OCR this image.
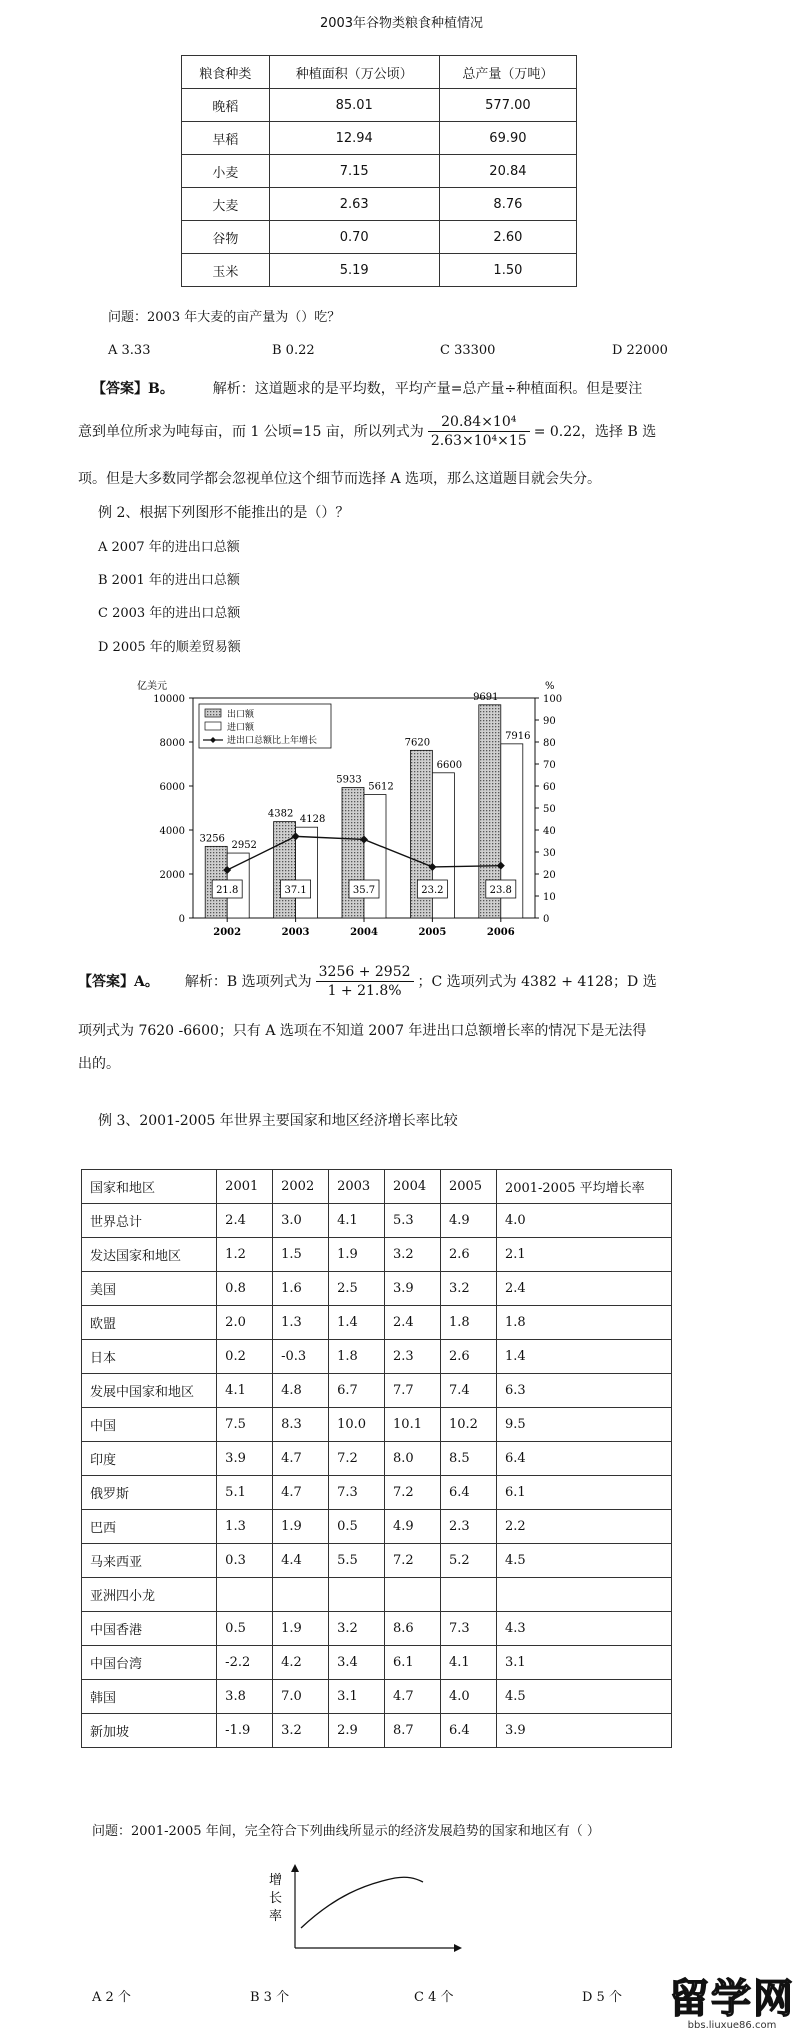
2003年谷物类粮食种植情况
粮食种类	种植面积（万公顷）	总产量（万吨）
晚稻	85.01	577.00
早稻	12.94	69.90
小麦	7.15	20.84
大麦	2.63	8.76
谷物	0.70	2.60
玉米	5.19	1.50
问题：2003 年大麦的亩产量为（）吃？
A 3.33	B 0.22	C 33300	D 22000
【答案】B。	解析：这道题求的是平均数，平均产量=总产量÷种植面积。但是要注
意到单位所求为吨每亩，而 1 公顷=15 亩，所以列式为 $\frac{\text{20.84×10⁴}}{\text{2.63×10⁴×15}} = 0.22$，选择 B 选
项。但是大多数同学都会忽视单位这个细节而选择 A 选项，那么这道题目就会失分。
例 2、根据下列图形不能推出的是（）？
A 2007 年的进出口总额
B 2001 年的进出口总额
C 2003 年的进出口总额
D 2005 年的顺差贸易额
亿美元	%
0
2000
4000
6000
8000
10000
0
10
20
30
40
50
60
70
80
90
100
3256
2952
2002
4382
4128
2003
5933
5612
2004
7620
6600
2005
9691
7916
2006
21.8	37.1	35.7	23.2	23.8
出口额
进口额
进出口总额比上年增长
【答案】A。 解析：B 选项列式为 $\frac{3256 + 2952}{1 + 21.8\%}$ ；C 选项列式为 4382 + 4128；D 选
项列式为 7620 -6600；只有 A 选项在不知道 2007 年进出口总额增长率的情况下是无法得
出的。
例 3、2001-2005 年世界主要国家和地区经济增长率比较
国家和地区	2001	2002	2003	2004	2005	2001-2005 平均增长率
世界总计	2.4	3.0	4.1	5.3	4.9	4.0
发达国家和地区	1.2	1.5	1.9	3.2	2.6	2.1
美国	0.8	1.6	2.5	3.9	3.2	2.4
欧盟	2.0	1.3	1.4	2.4	1.8	1.8
日本	0.2	-0.3	1.8	2.3	2.6	1.4
发展中国家和地区	4.1	4.8	6.7	7.7	7.4	6.3
中国	7.5	8.3	10.0	10.1	10.2	9.5
印度	3.9	4.7	7.2	8.0	8.5	6.4
俄罗斯	5.1	4.7	7.3	7.2	6.4	6.1
巴西	1.3	1.9	0.5	4.9	2.3	2.2
马来西亚	0.3	4.4	5.5	7.2	5.2	4.5
亚洲四小龙						
中国香港	0.5	1.9	3.2	8.6	7.3	4.3
中国台湾	-2.2	4.2	3.4	6.1	4.1	3.1
韩国	3.8	7.0	3.1	4.7	4.0	4.5
新加坡	-1.9	3.2	2.9	8.7	6.4	3.9
问题：2001-2005 年间，完全符合下列曲线所显示的经济发展趋势的国家和地区有（ ）
增长率
A 2 个	B 3 个	C 4 个	D 5 个 留学网
bbs.liuxue86.com
